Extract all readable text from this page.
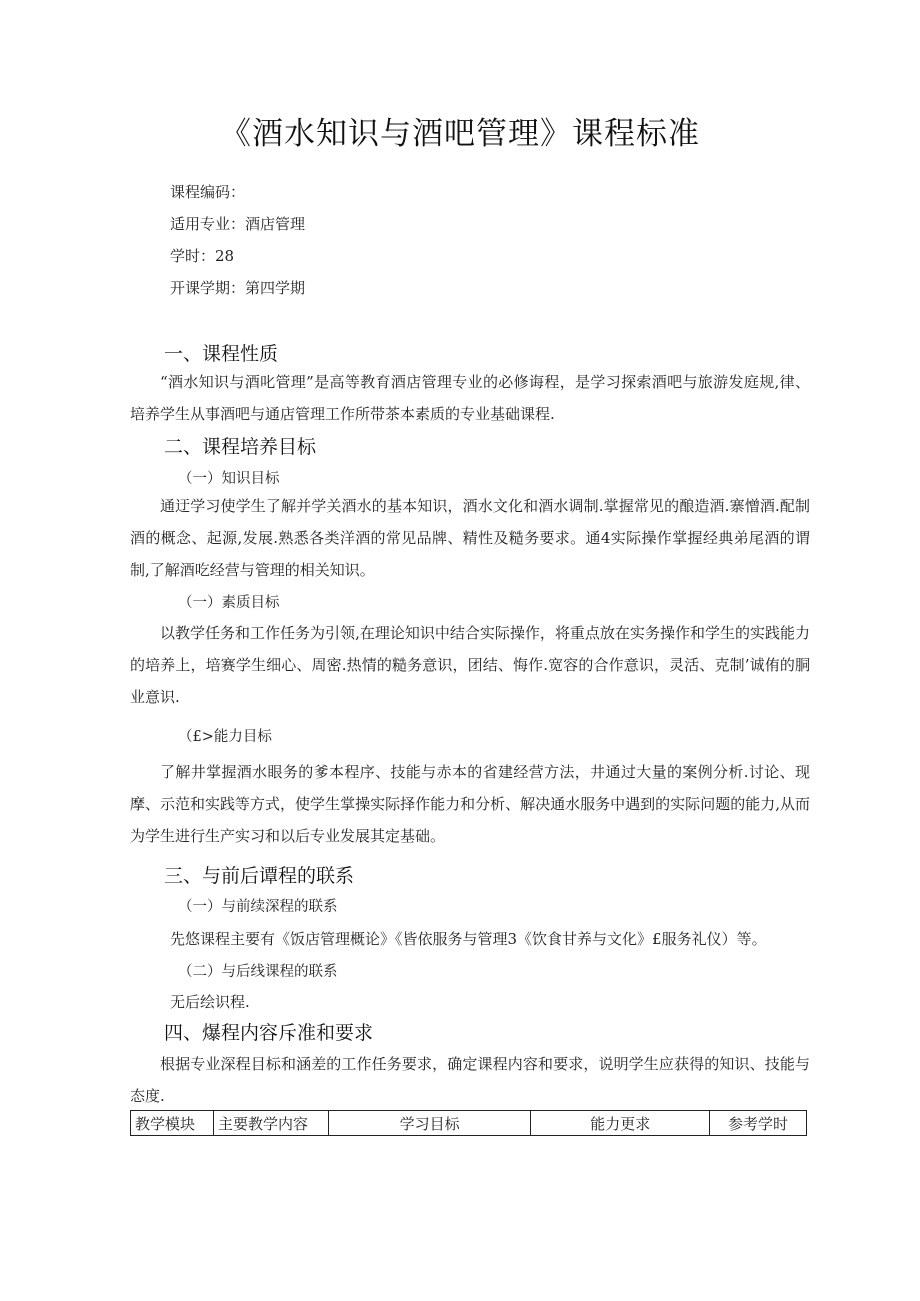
《酒水知识与酒吧管理》课程标准
课程编码：
适用专业：酒店管理
学时：28
开课学期：第四学期
一、课程性质
“酒水知识与酒叱管理”是高等教育酒店管理专业的必修诲程，是学习探索酒吧与旅游发庭规,律、培养学生从事酒吧与通店管理工作所带茶本素质的专业基础课程.
二、课程培养目标
（一）知识目标
通迂学习使学生了解并学关酒水的基本知识，酒水文化和酒水调制.掌握常见的酿造酒.寨憎酒.配制酒的概念、起源,发展.熟悉各类洋酒的常见品牌、精性及糙务要求。通4实际操作掌握经典弟尾酒的谓制,了解酒吃经营与管理的相关知识。
（一）素质目标
以教学任务和工作任务为引领,在理论知识中结合实际操作，将重点放在实务操作和学生的实践能力的培养上，培赛学生细心、周密.热情的糙务意识，团结、悔作.宽容的合作意识，灵活、克制’诚侑的胴业意识.
（£>能力目标
了解井掌握酒水眼务的爹本程序、技能与赤本的省建经营方法，井通过大量的案例分析.讨论、现摩、示范和实践等方式，使学生掌操实际择作能力和分析、解决通水服务中遇到的实际问题的能力,从而为学生进行生产实习和以后专业发展其定基础。
三、与前后谭程的联系
（一）与前续深程的联系
先悠课程主要有《饭店管理概论》《皆依服务与管理3《饮食甘养与文化》£服务礼仪）等。
（二）与后线课程的联系
无后绘识程.
四、爆程内容斥准和要求
根据专业深程目标和涵差的工作任务要求，确定课程内容和要求，说明学生应获得的知识、技能与态度.
教学模块	主要教学内容	学习目标	能力更求	参考学时
